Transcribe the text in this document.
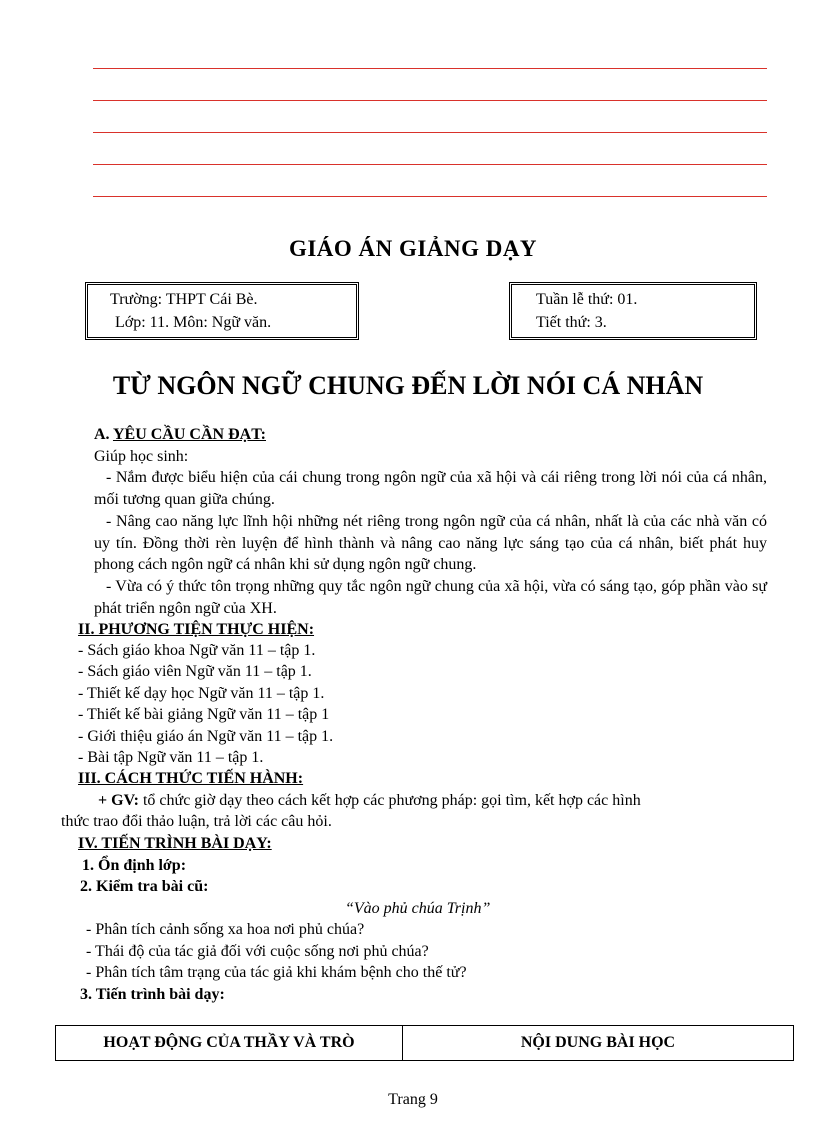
GIÁO ÁN GIẢNG DẠY
Trường: THPT Cái Bè.
Lớp: 11. Môn: Ngữ văn.
Tuần lễ thứ: 01.
Tiết thứ: 3.
TỪ NGÔN NGỮ CHUNG ĐẾN LỜI NÓI CÁ NHÂN
A. YÊU CẦU CẦN ĐẠT:
Giúp học sinh:
- Nắm được biểu hiện của cái chung trong ngôn ngữ của xã hội và cái riêng trong lời nói của cá nhân, mối tương quan giữa chúng.
- Nâng cao năng lực lĩnh hội những nét riêng trong ngôn ngữ của cá nhân, nhất là của các nhà văn có uy tín. Đồng thời rèn luyện để hình thành và nâng cao năng lực sáng tạo của cá nhân, biết phát huy phong cách ngôn ngữ cá nhân khi sử dụng ngôn ngữ chung.
- Vừa có ý thức tôn trọng những quy tắc ngôn ngữ chung của xã hội, vừa có sáng tạo, góp phần vào sự phát triển ngôn ngữ của XH.
II. PHƯƠNG TIỆN THỰC HIỆN:
- Sách giáo khoa Ngữ văn 11 – tập 1.
- Sách giáo viên Ngữ văn 11 – tập 1.
- Thiết kế dạy học Ngữ văn 11 – tập 1.
- Thiết kế bài giảng Ngữ văn 11 – tập 1
- Giới thiệu giáo án Ngữ văn 11 – tập 1.
- Bài tập Ngữ văn 11 – tập 1.
III. CÁCH THỨC TIẾN HÀNH:
+ GV: tổ chức giờ dạy theo cách kết hợp các phương pháp: gọi tìm, kết hợp các hình
thức trao đổi thảo luận, trả lời các câu hỏi.
IV. TIẾN TRÌNH BÀI DẠY:
1. Ổn định lớp:
2. Kiểm tra bài cũ:
“Vào phủ chúa Trịnh”
- Phân tích cảnh sống xa hoa nơi phủ chúa?
- Thái độ của tác giả đối với cuộc sống nơi phủ chúa?
- Phân tích tâm trạng của tác giả khi khám bệnh cho thế tử?
3. Tiến trình bài dạy:
HOẠT ĐỘNG CỦA THẦY VÀ TRÒ	NỘI DUNG BÀI HỌC
Trang 9
